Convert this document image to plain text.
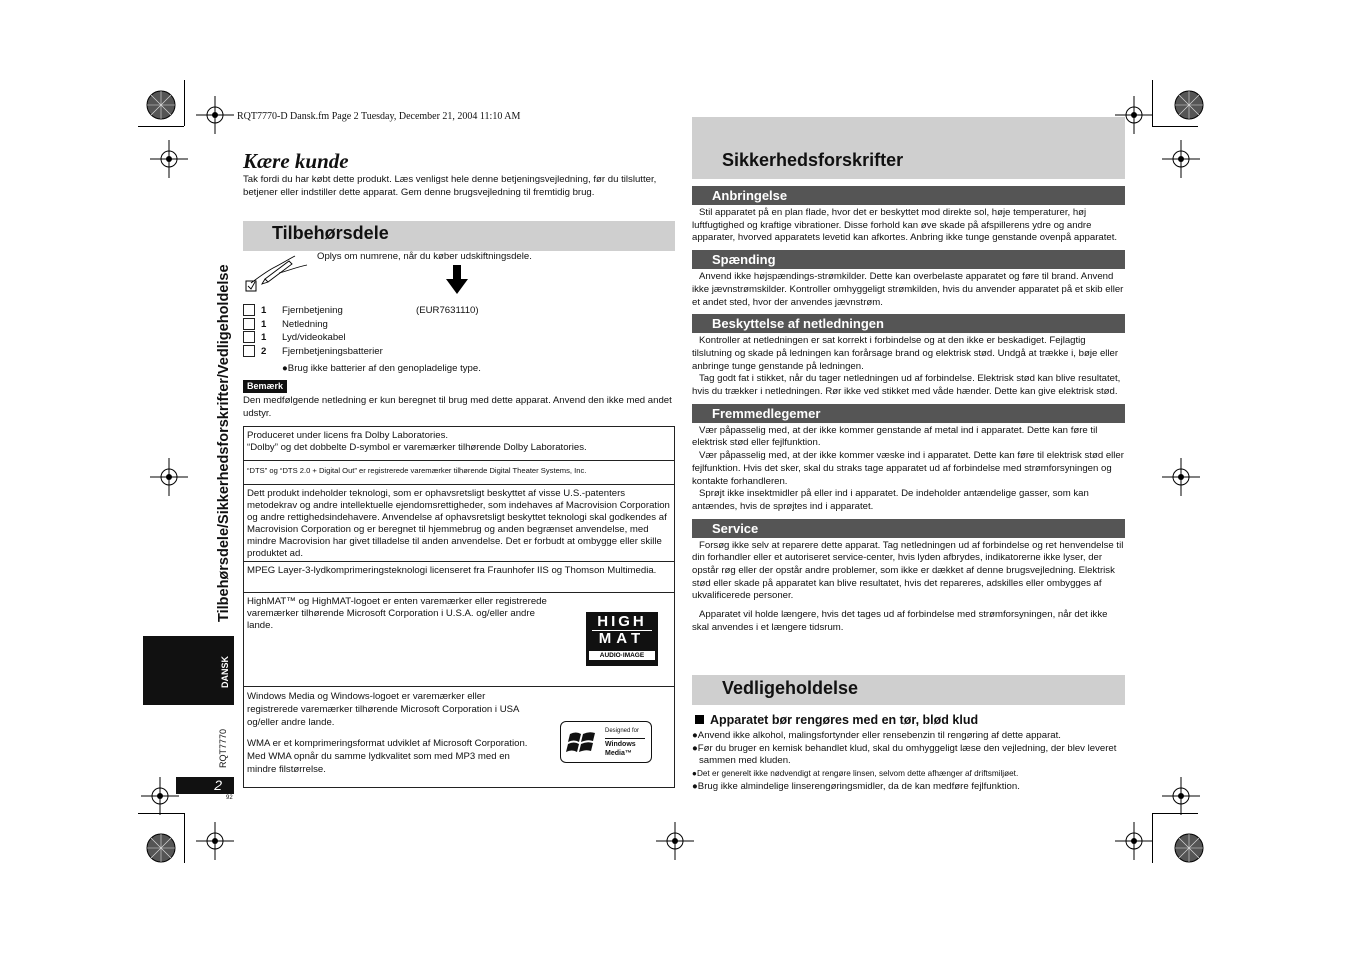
RQT7770-D Dansk.fm Page 2 Tuesday, December 21, 2004 11:10 AM
Tilbehørsdele/Sikkerhedsforskrifter/Vedligeholdelse
DANSK
RQT7770
2
92
Kære kunde
Tak fordi du har købt dette produkt. Læs venligst hele denne betjeningsvejledning, før du tilslutter, betjener eller indstiller dette apparat. Gem denne brugsvejledning til fremtidig brug.
Tilbehørsdele
Oplys om numrene, når du køber udskiftningsdele.
1 Fjernbetjening	(EUR7631110)
1 Netledning
1 Lyd/videokabel
2 Fjernbetjeningsbatterier
●Brug ikke batterier af den genopladelige type.
Bemærk
Den medfølgende netledning er kun beregnet til brug med dette apparat. Anvend den ikke med andet udstyr.
Produceret under licens fra Dolby Laboratories.
“Dolby” og det dobbelte D-symbol er varemærker tilhørende Dolby Laboratories.
“DTS” og “DTS 2.0 + Digital Out” er registrerede varemærker tilhørende Digital Theater Systems, Inc.
Dett produkt indeholder teknologi, som er ophavsretsligt beskyttet af visse U.S.-patenters metodekrav og andre intellektuelle ejendomsrettigheder, som indehaves af Macrovision Corporation og andre rettighedsindehavere. Anvendelse af ophavsretsligt beskyttet teknologi skal godkendes af Macrovision Corporation og er beregnet til hjemmebrug og anden begrænset anvendelse, med mindre Macrovision har givet tilladelse til anden anvendelse. Det er forbudt at ombygge eller skille produktet ad.
MPEG Layer-3-lydkomprimeringsteknologi licenseret fra Fraunhofer IIS og Thomson Multimedia.
HighMAT™ og HighMAT-logoet er enten varemærker eller registrerede varemærker tilhørende Microsoft Corporation i U.S.A. og/eller andre lande.	HIGH
MAT
AUDIO·IMAGE
Windows Media og Windows-logoet er varemærker eller registrerede varemærker tilhørende Microsoft Corporation i USA og/eller andre lande.
WMA er et komprimeringsformat udviklet af Microsoft Corporation. Med WMA opnår du samme lydkvalitet som med MP3 med en mindre filstørrelse.
Designed for
Windows
Media™
Sikkerhedsforskrifter
Anbringelse

Stil apparatet på en plan flade, hvor det er beskyttet mod direkte sol, høje temperaturer, høj luftfugtighed og kraftige vibrationer. Disse forhold kan øve skade på afspillerens ydre og andre apparater, hvorved apparatets levetid kan afkortes. Anbring ikke tunge genstande ovenpå apparatet.

Spænding

Anvend ikke højspændings-strømkilder. Dette kan overbelaste apparatet og føre til brand. Anvend ikke jævnstrømskilder. Kontroller omhyggeligt strømkilden, hvis du anvender apparatet på et skib eller et andet sted, hvor der anvendes jævnstrøm.

Beskyttelse af netledningen

Kontroller at netledningen er sat korrekt i forbindelse og at den ikke er beskadiget. Fejlagtig tilslutning og skade på ledningen kan forårsage brand og elektrisk stød. Undgå at trække i, bøje eller anbringe tunge genstande på ledningen.

Tag godt fat i stikket, når du tager netledningen ud af forbindelse. Elektrisk stød kan blive resultatet, hvis du trækker i netledningen. Rør ikke ved stikket med våde hænder. Dette kan give elektrisk stød.

Fremmedlegemer

Vær påpasselig med, at der ikke kommer genstande af metal ind i apparatet. Dette kan føre til elektrisk stød eller fejlfunktion.

Vær påpasselig med, at der ikke kommer væske ind i apparatet. Dette kan føre til elektrisk stød eller fejlfunktion. Hvis det sker, skal du straks tage apparatet ud af forbindelse med strømforsyningen og kontakte forhandleren.

Sprøjt ikke insektmidler på eller ind i apparatet. De indeholder antændelige gasser, som kan antændes, hvis de sprøjtes ind i apparatet.

Service

Forsøg ikke selv at reparere dette apparat. Tag netledningen ud af forbindelse og ret henvendelse til din forhandler eller et autoriseret service-center, hvis lyden afbrydes, indikatorerne ikke lyser, der opstår røg eller der opstår andre problemer, som ikke er dækket af denne brugsvejledning. Elektrisk stød eller skade på apparatet kan blive resultatet, hvis det repareres, adskilles eller ombygges af ukvalificerede personer.

Apparatet vil holde længere, hvis det tages ud af forbindelse med strømforsyningen, når det ikke skal anvendes i et længere tidsrum.

Vedligeholdelse
Apparatet bør rengøres med en tør, blød klud
●Anvend ikke alkohol, malingsfortynder eller rensebenzin til rengøring af dette apparat.
●Før du bruger en kemisk behandlet klud, skal du omhyggeligt læse den vejledning, der blev leveret sammen med kluden.
●Det er generelt ikke nødvendigt at rengøre linsen, selvom dette afhænger af driftsmiljøet.
●Brug ikke almindelige linserengøringsmidler, da de kan medføre fejlfunktion.
